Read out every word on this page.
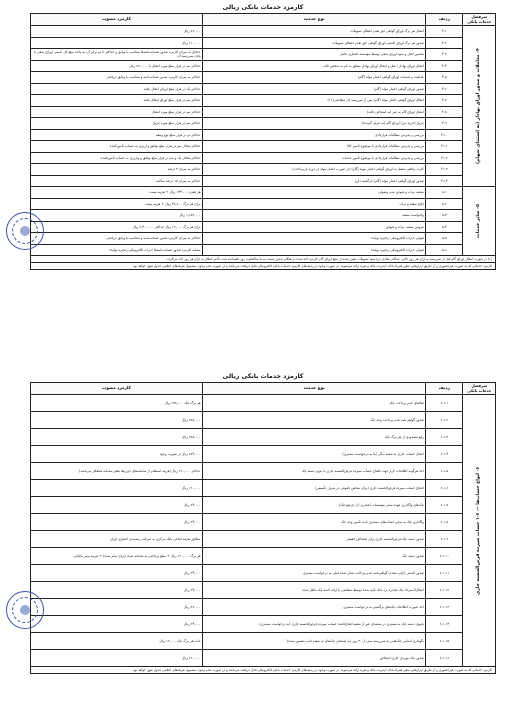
کارمزد خدمات بانکی ریالی
سرفصل خدمات بانکی	ردیف	نوع خدمت	کارمزد مصوب
۴- معاملات و صدور اوراق بهادار (به استثنای سهام)	۴-۱	انتقال هر برگ اوراق گواهی حق تقدم اعطای تسهیلات	۶۶,۰۰۰ ریال
	۴-۲	صدور هر برگ اوراق المثنی اوراق گواهی حق تقدم اعطای تسهیلات	۱۱۰,۰۰۰ ریال
	۴-۳	تضمین اصل و سود اوراق بدهی توسط مؤسسه اعتباری عامل	حداقل به میزان کارمزد صدور ضمانت‌نامه‌ها متناسب با وثایق و حداکثر تا دو برابر آن به ماخذ مبلغ کل اسمی اوراق بدهی تا پایان سررسید آن
	۴-۴	انتقال اوراق بهادار / نقل و انتقال اوراق بهادار متعلق به نام به شخص ثالث	حداکثر نیم در هزار مبلغ مورد انتقال تا ۲۸۰,۰۰۰ ریال
	۴-۵	عاملیت و ضمانت اوراق گواهی اعتبار مولد (گام)	حداکثر به میزان کارمزد صدور ضمانت‌نامه و متناسب با وثایق دریافتی
	۴-۶	صدور اوراق گواهی اعتبار مولد (گام)	حداکثر یک در هزار مبلغ اوراق انتقال یافته
	۴-۷	ابطال اوراق گواهی اعتبار مولد (گام) پس از سررسید (از متقاضی) (۱)	حداکثر نیم در هزار مبلغ اوراق ابطال یافته
	۴-۸	انتقال اوراق گام به غیر (به اشخاص ثالث)	حداکثر نیم در هزار مبلغ مورد انتقال
	۴-۹	تنزیل (خرید دین) اوراق گام (به تنزیل گیرنده)	حداکثر نیم در هزار مبلغ مورد تنزیل
	۴-۱۰	بررسی و پذیرش مطالبات قراردادی	حداکثر دو در هزار مبلغ نوع وثیقه
	۴-۱۱	بررسی و پذیرش مطالبات قراردادی با موضوع تأمین کالا	حداکثر معادل نیم در هزار مبلغ توافق و اریزی به حساب تأمین‌کننده
	۴-۱۲	بررسی و پذیرش مطالبات قراردادی با موضوع تأمین خدمات	حداکثر معادل یک و نیم در هزار مبلغ توافق و واریزی به حساب تأمین‌کننده
	۴-۱۳	کارت رفاهی متصل به اوراق گواهی اعتبار مولد (گام) (در صورت اعتبار مولد در دوره بازپرداخت)	حداکثر به میزان ۳ درصد
	۴-۱۴	صدور اوراق گواهی اعتبار مولد (گام) بازگشته دارو	حداکثر به میزان ۱۵ درصد سالانه
۵- سایر خدمات	۵-۱	سفته، برات و قبوض ثبتی وصولی	هر فقره ۱۴۴,۰۰۰ ریال + هزینه پست
	۵-۲	ابلاغ سفته و برات	برای هر برگ ۴۸,۶۰۰ ریال + هزینه پست
	۵-۳	واخواست سفته	۱,۱۵۲,۰۰۰ ریال
	۵-۴	فروش سفته، برات و قبوض	برای هر برگ ۱۲,۰۰۰ ریال حداکثر ۲,۴۰۰,۰۰۰ ریال
	۵-۵	قبولی «برات الکترونیکی زنجیره تولید»	حداکثر به میزان کارمزد صدور ضمانت‌نامه و متناسب با وثایق دریافتی
	۵-۶	قبولی «برات الکترونیکی زنجیره تولید»	مشابه کارمزد صدور ضمانت‌نامه‌ها «برات الکترونیکی زنجیره تولید»
(۱) در صورت ابطال اوراق گام قبل از سررسید به ازای هر روز تأخیر، حداکثر معادل نرخ سود تسهیلات تعیین شده از مبلغ اوراق گام کارمزد اخذ شده در هنگام صدور نسبت به ما به‌التفاوت روز باقیمانده بابت تأخیر ابطال به ازای هر روز اخذ می‌گردد.
کارمزد خدماتی که به صورت غیرحضوری و از طریق ابزارهایی نظیر همراه بانک، اینترنت بانک و غیره ارائه می‌شوند، در صورت وجود در ردیف‌های کارمزد خدمات بانکی الکترونیکی قابل دریافت می‌باشد و در صورت عدم وجود، مشمول تعرفه‌های اعلامی جدول فوق خواهد بود.
کارمزد خدمات بانکی ریالی
سرفصل خدمات بانکی	ردیف	نوع خدمت	کارمزد مصوب
۶- انواع حساب‌ها — ۶-۱ حساب سپرده قرض‌الحسنه جاری	۶-۱-۱	تقاضای عدم پرداخت چک	هر برگ چک ۲۸۸,۰۰۰ ریال
	۶-۱-۲	صدور گواهی‌نامه عدم پرداخت وجه چک	۲۸۸,۰۰۰ ریال
	۶-۱-۳	رفع مسدودی از هر برگ چک	۲۸۸,۰۰۰ ریال
	۶-۱-۴	انتقال حساب جاری به شعبه دیگر (بنا به درخواست مشتری)	۸۶۴,۰۰۰ ریال در صورت وجود
	۶-۱-۵	اخذ هرگونه اطلاعات لازم جهت افتتاح حساب سپرده قرض‌الحسنه جاری با بدون دسته چک	حداکثر ۱۲۰,۰۰۰ ریال (هزینه استعلام از سامانه‌های ذی‌ربط نظیر سامانه شاهکار می‌باشد)
	۶-۱-۶	افتتاح حساب سپرده قرض‌الحسنه جاری (برای شخص حقوقی در شرف تأسیس)	۱۲۰,۰۰۰ ریال
	۶-۱-۷	چک‌های واگذاری عهده سایر مؤسسات اعتباری (از ذی‌نفع چک)	۲۴,۰۰۰ ریال
	۶-۱-۸	واگذاری چک به سایر حساب‌های مشتری بابت تأمین وجه چک	۲۴,۰۰۰ ریال
	۶-۱-۹	صدور دسته چک قرض‌الحسنه جاری برای اشخاص حقیقی	مطابق تعرفه ابلاغی بانک مرکزی به شرکت رتبه‌بندی اعتباری ایران
	۶-۱-۱۰	صدور دسته چک	هر برگ ۱۲۰,۰۰۰ ریال + مبلغ پرداختی به سامانه صیاد (برای تمام شده) + هزینه نیمر مالیاتی
	۶-۱-۱۱	صدور المثنی (چاپ مجدد) گواهی‌نامه عدم پرداخت صادر شده قبلی به درخواست مشتری	۲۴,۰۰۰ ریال
	۶-۱-۱۲	ابطال/استرداد چک صادره نزد بانک تأیید شده توسط متقاضی با ارائه لاشه چک باطل شده	۲۴,۰۰۰ ریال
	۶-۱-۱۳	اخذ صورت اطلاعات چک‌های برگشتی به درخواست مشتری	۳۶,۰۰۰ ریال
	۶-۱-۱۴	تحویل دسته چک به مشتری در شعبه‌ای غیر از شعبه افتتاح‌کننده حساب سپرده قرض‌الحسنه جاری (به درخواست مشتری)	۲۴,۰۰۰ ریال
	۶-۱-۱۵	نگهداری اسامی چک‌هایی به سررسید بیش از ۳۰ روز (به استثنای چک‌های به شعبه ثابت تضمین شده)	بابت هر برگ چک ۱۲,۰۰۰ ریال
	۶-۱-۱۶	صدور چک موردی جاری اشخاص	۱۲۰,۰۰۰ ریال
کارمزد خدماتی که به صورت غیرحضوری و از طریق ابزارهایی نظیر همراه بانک، اینترنت بانک و غیره ارائه می‌شوند، در صورت وجود در ردیف‌های کارمزد خدمات بانکی الکترونیکی قابل دریافت می‌باشد و در صورت عدم وجود، مشمول تعرفه‌های اعلامی جدول فوق خواهد بود.
